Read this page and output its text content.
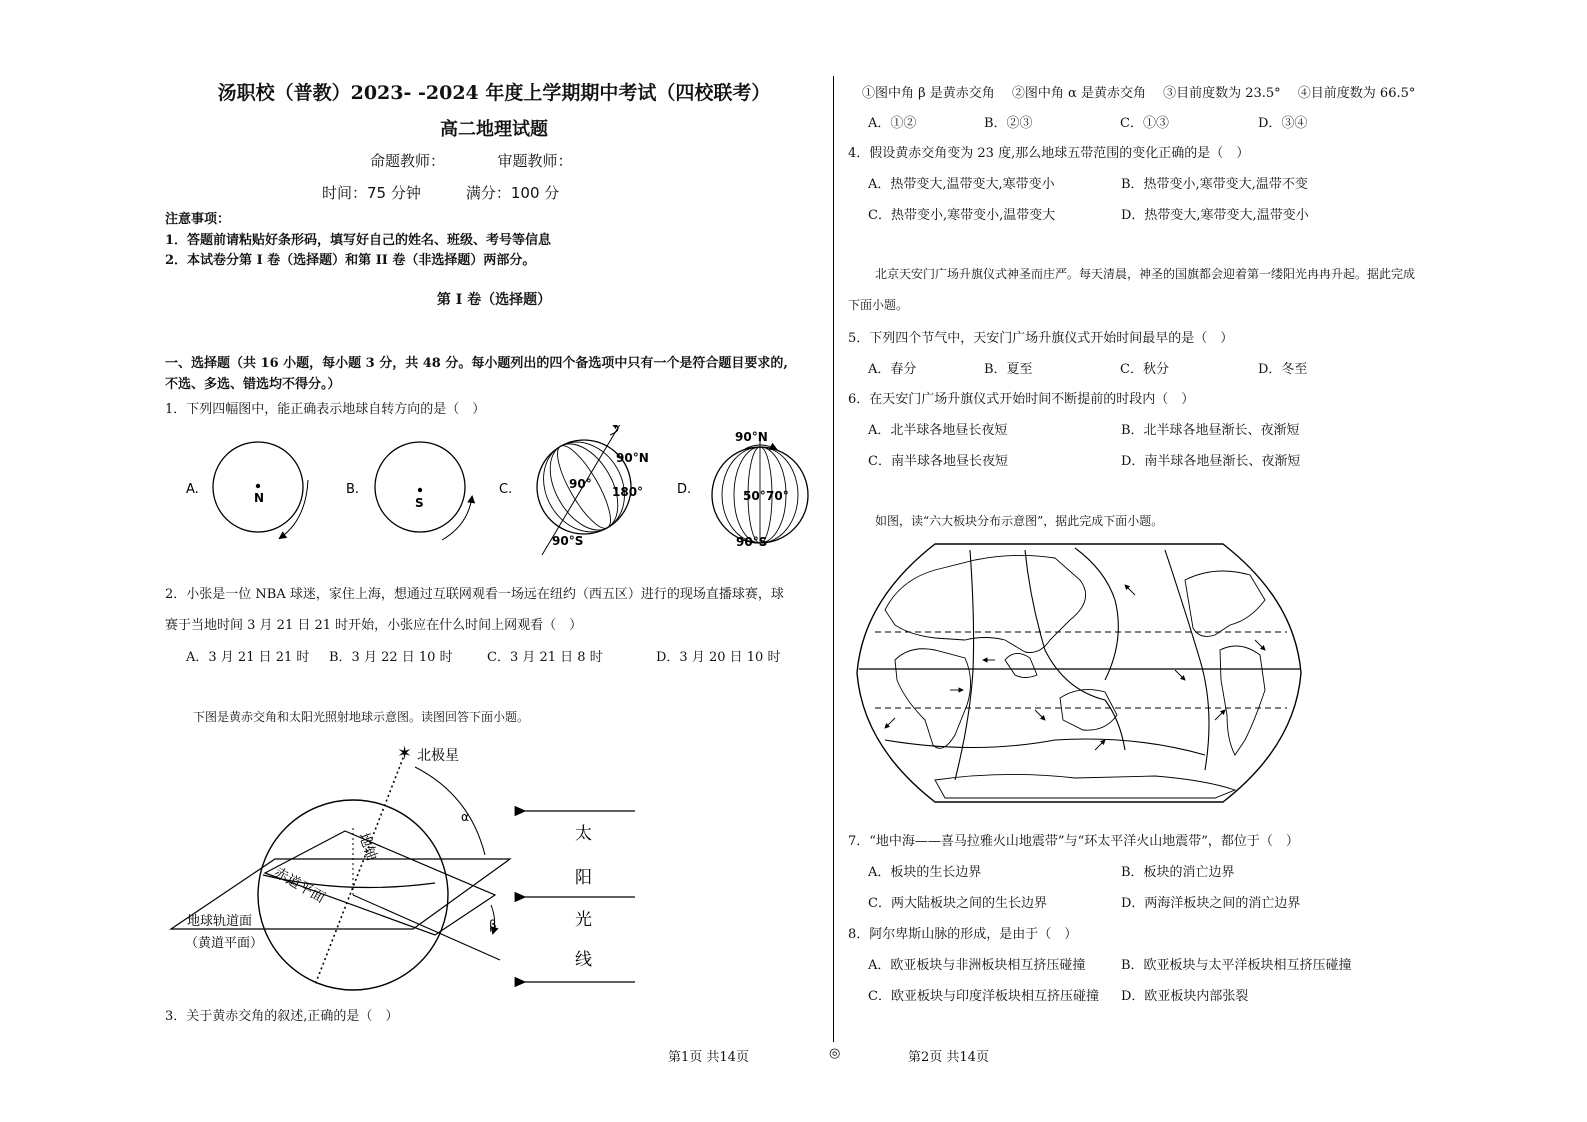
汤职校（普教）2023- -2024 年度上学期期中考试（四校联考）
高二地理试题
命题教师：　　　　审题教师：
时间：75 分钟　　　满分：100 分
注意事项：
1．答题前请粘贴好条形码，填写好自己的姓名、班级、考号等信息
2．本试卷分第 I 卷（选择题）和第 II 卷（非选择题）两部分。
第 I 卷（选择题）
一、选择题（共 16 小题，每小题 3 分，共 48 分。每小题列出的四个备选项中只有一个是符合题目要求的,
不选、多选、错选均不得分。）
1．下列四幅图中，能正确表示地球自转方向的是（　）
A.
N
B.
S
C.
90°N
90°
180°
90°S
D.
90°N
50° 70°
90°S
2．小张是一位 NBA 球迷，家住上海，想通过互联网观看一场远在纽约（西五区）进行的现场直播球赛，球
赛于当地时间 3 月 21 日 21 时开始，小张应在什么时间上网观看（　）
A．3 月 21 日 21 时 B．3 月 22 日 10 时	C．3 月 21 日 8 时	D．3 月 20 日 10 时
下图是黄赤交角和太阳光照射地球示意图。读图回答下面小题。
✶ 北极星
α
β
地轴
赤道平面
地球轨道面
（黄道平面）
太
阳
光
线
3．关于黄赤交角的叙述,正确的是（　）
①图中角 β 是黄赤交角　 ②图中角 α 是黄赤交角　 ③目前度数为 23.5°　 ④目前度数为 66.5°
A．①②	B．②③	C．①③	D．③④
4．假设黄赤交角变为 23 度,那么地球五带范围的变化正确的是（　）
A．热带变大,温带变大,寒带变小	B．热带变小,寒带变大,温带不变
C．热带变小,寒带变小,温带变大	D．热带变大,寒带变大,温带变小
北京天安门广场升旗仪式神圣而庄严。每天清晨，神圣的国旗都会迎着第一缕阳光冉冉升起。据此完成
下面小题。
5．下列四个节气中，天安门广场升旗仪式开始时间最早的是（　）
A．春分	B．夏至	C．秋分	D．冬至
6．在天安门广场升旗仪式开始时间不断提前的时段内（　）
A．北半球各地昼长夜短	B．北半球各地昼渐长、夜渐短
C．南半球各地昼长夜短	D．南半球各地昼渐长、夜渐短
如图，读“六大板块分布示意图”，据此完成下面小题。
7．“地中海——喜马拉雅火山地震带”与“环太平洋火山地震带”，都位于（　）
A．板块的生长边界	B．板块的消亡边界
C．两大陆板块之间的生长边界	D．两海洋板块之间的消亡边界
8．阿尔卑斯山脉的形成，是由于（　）
A．欧亚板块与非洲板块相互挤压碰撞	B．欧亚板块与太平洋板块相互挤压碰撞
C．欧亚板块与印度洋板块相互挤压碰撞 D．欧亚板块内部张裂
第1页 共14页	◎	第2页 共14页
